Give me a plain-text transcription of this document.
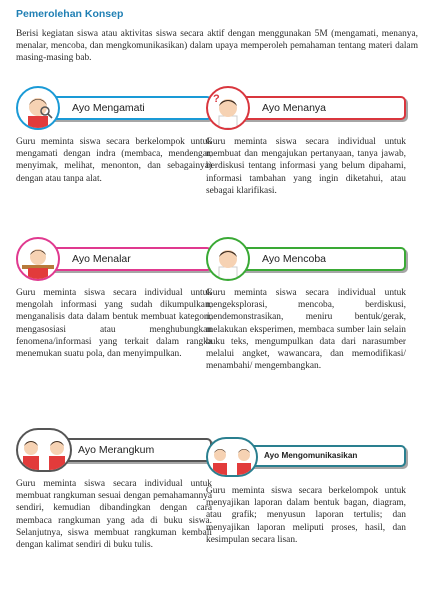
Pemerolehan Konsep
Berisi kegiatan siswa atau aktivitas siswa secara aktif dengan menggunakan 5M (mengamati, menanya, menalar, mencoba, dan mengkomunikasikan) dalam upaya memperoleh pemahaman tentang materi dalam masing-masing bab.
Ayo Mengamati
Guru meminta siswa secara berkelompok untuk mengamati dengan indra (membaca, mendengar, menyimak, melihat, menonton, dan sebagainya) dengan atau tanpa alat.
?
Ayo Menanya
Guru meminta siswa secara individual untuk membuat dan mengajukan pertanyaan, tanya jawab, berdiskusi tentang informasi yang belum dipahami, informasi tambahan yang ingin diketahui, atau sebagai klarifikasi.
Ayo Menalar
Guru meminta siswa secara individual untuk mengolah informasi yang sudah dikumpulkan, menganalisis data dalam bentuk membuat kategori, mengasosiasi atau menghubungkan fenomena/informasi yang terkait dalam rangka menemukan suatu pola, dan menyimpulkan.
Ayo Mencoba
Guru meminta siswa secara individual untuk mengeksplorasi, mencoba, berdiskusi, mendemonstrasikan, meniru bentuk/gerak, melakukan eksperimen, membaca sumber lain selain buku teks, mengumpulkan data dari narasumber melalui angket, wawancara, dan memodifikasi/ menambahi/ mengembangkan.
Ayo Merangkum
Guru meminta siswa secara individual untuk membuat rangkuman sesuai dengan pemahamannya sendiri, kemudian dibandingkan dengan cara membaca rangkuman yang ada di buku siswa. Selanjutnya, siswa membuat rangkuman kembali dengan kalimat sendiri di buku tulis.
Ayo Mengomunikasikan
Guru meminta siswa secara berkelompok untuk menyajikan laporan dalam bentuk bagan, diagram, atau grafik; menyusun laporan tertulis; dan menyajikan laporan meliputi proses, hasil, dan kesimpulan secara lisan.
